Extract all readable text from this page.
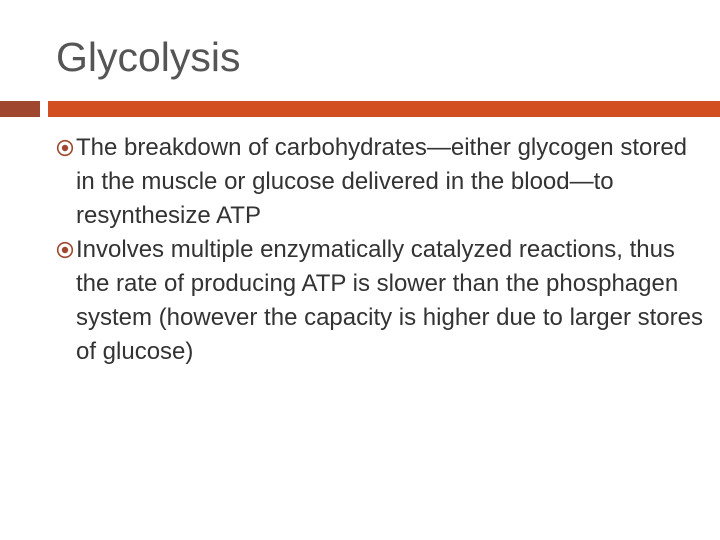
Glycolysis
The breakdown of carbohydrates—either glycogen stored in the muscle or glucose delivered in the blood—to resynthesize ATP
Involves multiple enzymatically catalyzed reactions, thus the rate of producing ATP is slower than the phosphagen system (however the capacity is higher due to larger stores of glucose)
